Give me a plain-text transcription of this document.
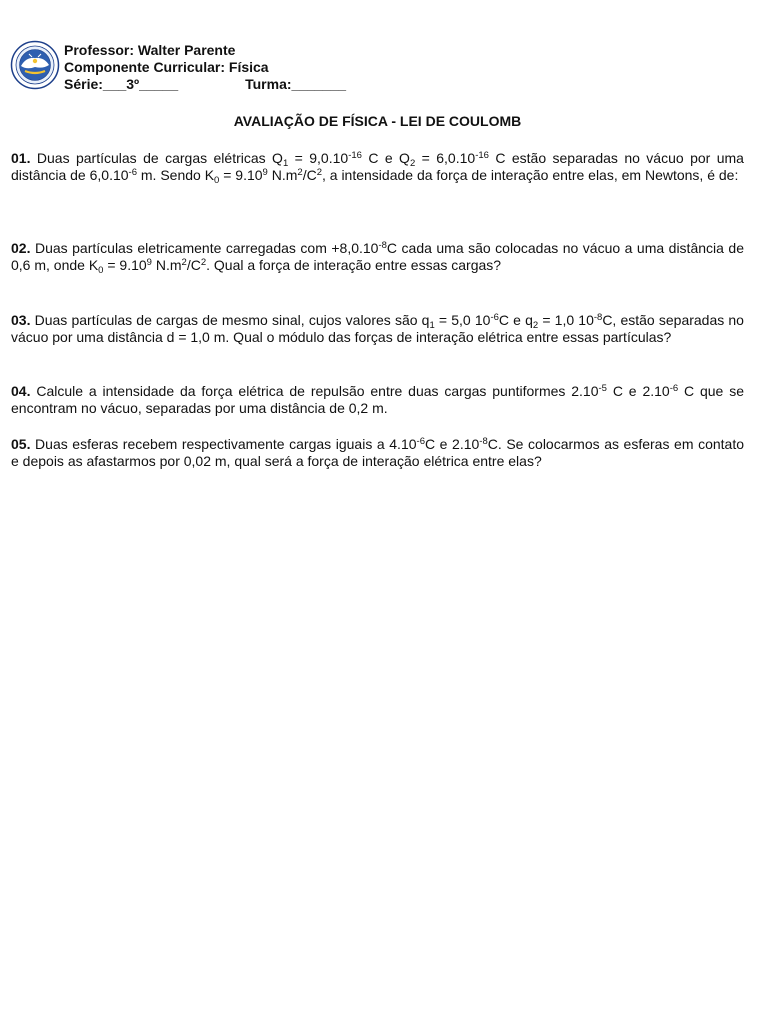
Professor: Walter Parente
Componente Curricular: Física
Série:___3º_____	Turma:_______
AVALIAÇÃO DE FÍSICA - LEI DE COULOMB
01. Duas partículas de cargas elétricas $Q_1 = 9,0.10^{-16}$ C e $Q_2 = 6,0.10^{-16}$ C estão separadas no vácuo por uma distância de $6,0.10^{-6}$ m. Sendo $K_0 = 9.10^9$ $N.m^2/C^2$, a intensidade da força de interação entre elas, em Newtons, é de:
02. Duas partículas eletricamente carregadas com $+8,0.10^{-8}C$ cada uma são colocadas no vácuo a uma distância de 0,6 m, onde $K_0 = 9.10^9$ $N.m^2/C^2$. Qual a força de interação entre essas cargas?
03. Duas partículas de cargas de mesmo sinal, cujos valores são $q_1 = 5,0$ $10^{-6}C$ e $q_2 = 1,0$ $10^{-8}C$, estão separadas no vácuo por uma distância d = 1,0 m. Qual o módulo das forças de interação elétrica entre essas partículas?
04. Calcule a intensidade da força elétrica de repulsão entre duas cargas puntiformes $2.10^{-5}$ C e $2.10^{-6}$ C que se encontram no vácuo, separadas por uma distância de 0,2 m.
05. Duas esferas recebem respectivamente cargas iguais a $4.10^{-6}C$ e $2.10^{-8}C$. Se colocarmos as esferas em contato e depois as afastarmos por 0,02 m, qual será a força de interação elétrica entre elas?
